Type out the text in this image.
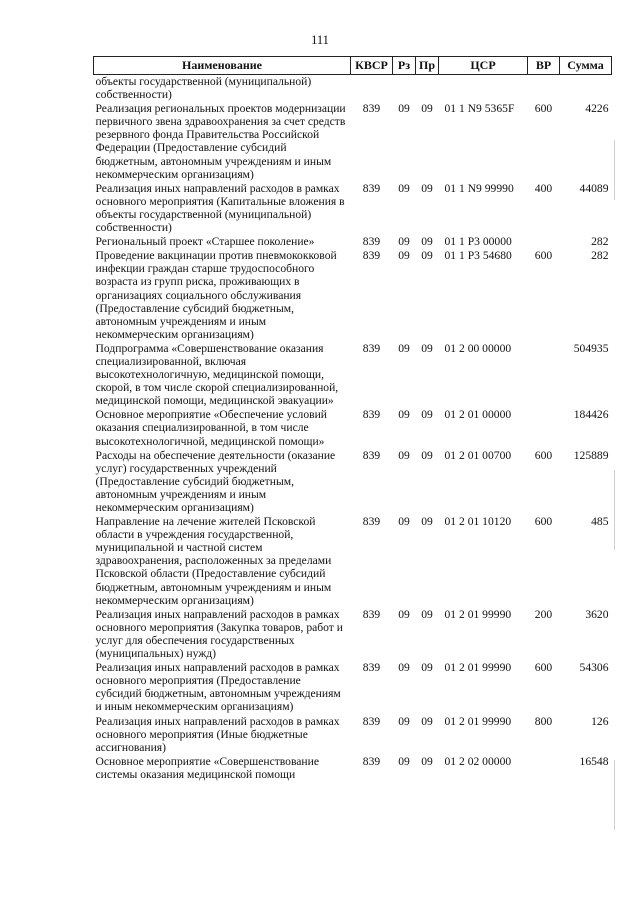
111
Наименование	КВСР	Рз	Пр	ЦСР	ВР	Сумма
объекты государственной (муниципальной) собственности)						
Реализация региональных проектов модернизации первичного звена здравоохранения за счет средств резервного фонда Правительства Российской Федерации (Предоставление субсидий бюджетным, автономным учреждениям и иным некоммерческим организациям)	839	09	09	01 1 N9 5365F	600	4226
Реализация иных направлений расходов в рамках основного мероприятия (Капитальные вложения в объекты государственной (муниципальной) собственности)	839	09	09	01 1 N9 99990	400	44089
Региональный проект «Старшее поколение»	839	09	09	01 1 P3 00000		282
Проведение вакцинации против пневмококковой инфекции граждан старше трудоспособного возраста из групп риска, проживающих в организациях социального обслуживания (Предоставление субсидий бюджетным, автономным учреждениям и иным некоммерческим организациям)	839	09	09	01 1 P3 54680	600	282
Подпрограмма «Совершенствование оказания специализированной, включая высокотехнологичную, медицинской помощи, скорой, в том числе скорой специализированной, медицинской помощи, медицинской эвакуации»	839	09	09	01 2 00 00000		504935
Основное мероприятие «Обеспечение условий оказания специализированной, в том числе высокотехнологичной, медицинской помощи»	839	09	09	01 2 01 00000		184426
Расходы на обеспечение деятельности (оказание услуг) государственных учреждений (Предоставление субсидий бюджетным, автономным учреждениям и иным некоммерческим организациям)	839	09	09	01 2 01 00700	600	125889
Направление на лечение жителей Псковской области в учреждения государственной, муниципальной и частной систем здравоохранения, расположенных за пределами Псковской области (Предоставление субсидий бюджетным, автономным учреждениям и иным некоммерческим организациям)	839	09	09	01 2 01 10120	600	485
Реализация иных направлений расходов в рамках основного мероприятия (Закупка товаров, работ и услуг для обеспечения государственных (муниципальных) нужд)	839	09	09	01 2 01 99990	200	3620
Реализация иных направлений расходов в рамках основного мероприятия (Предоставление субсидий бюджетным, автономным учреждениям и иным некоммерческим организациям)	839	09	09	01 2 01 99990	600	54306
Реализация иных направлений расходов в рамках основного мероприятия (Иные бюджетные ассигнования)	839	09	09	01 2 01 99990	800	126
Основное мероприятие «Совершенствование системы оказания медицинской помощи	839	09	09	01 2 02 00000		16548
